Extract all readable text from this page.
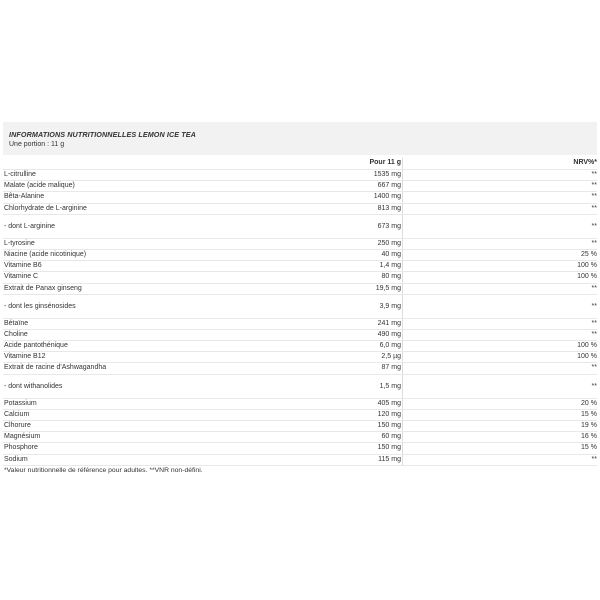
INFORMATIONS NUTRITIONNELLES LEMON ICE TEA
Une portion : 11 g
Pour 11 g	NRV%*
L-citrulline	1535 mg	**
Malate (acide malique)	667 mg	**
Bêta-Alanine	1400 mg	**
Chlorhydrate de L-arginine	813 mg	**
- dont L-arginine	673 mg	**
L-tyrosine	250 mg	**
Niacine (acide nicotinique)	40 mg	25 %
Vitamine B6	1,4 mg	100 %
Vitamine C	80 mg	100 %
Extrait de Panax ginseng	19,5 mg	**
- dont les ginsénosides	3,9 mg	**
Bétaïne	241 mg	**
Choline	490 mg	**
Acide pantothénique	6,0 mg	100 %
Vitamine B12	2,5 µg	100 %
Extrait de racine d'Ashwagandha	87 mg	**
- dont withanolides	1,5 mg	**
Potassium	405 mg	20 %
Calcium	120 mg	15 %
Clhorure	150 mg	19 %
Magnésium	60 mg	16 %
Phosphore	150 mg	15 %
Sodium	115 mg	**
*Valeur nutritionnelle de référence pour adultes. **VNR non-défini.
